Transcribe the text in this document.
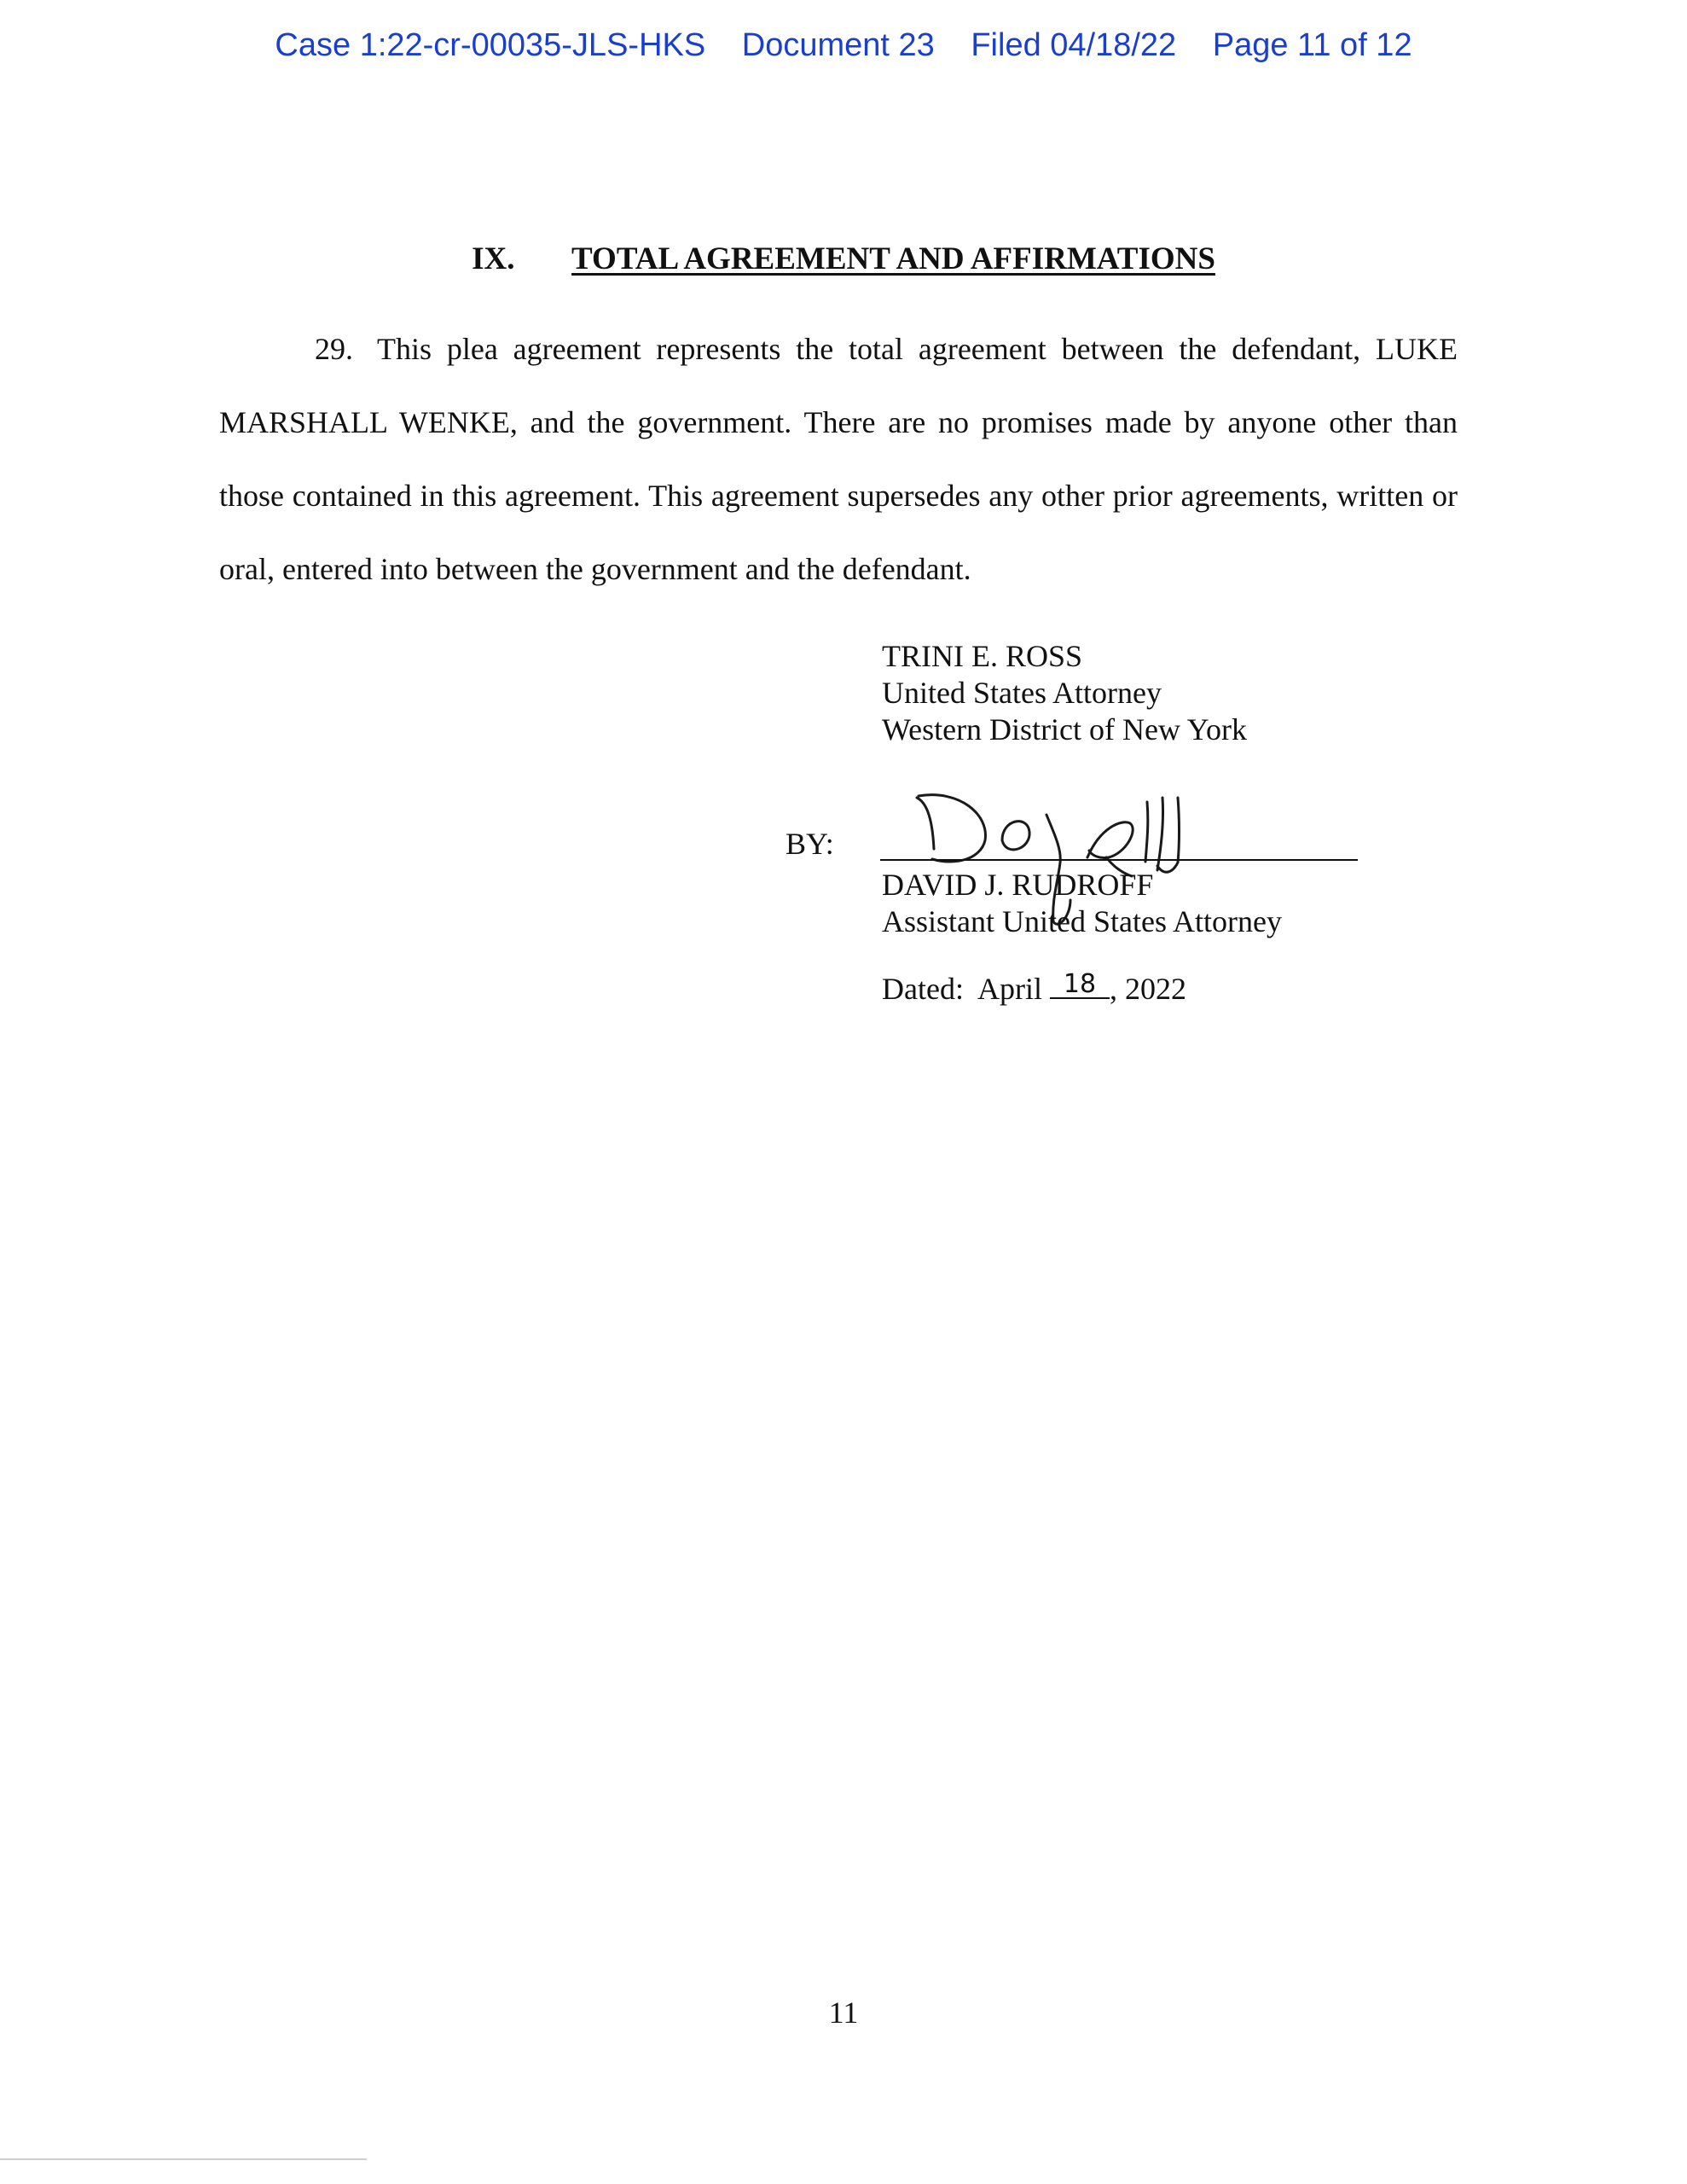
Case 1:22-cr-00035-JLS-HKS Document 23 Filed 04/18/22 Page 11 of 12
IX. TOTAL AGREEMENT AND AFFIRMATIONS

29. This plea agreement represents the total agreement between the defendant, LUKE MARSHALL WENKE, and the government. There are no promises made by anyone other than those contained in this agreement. This agreement supersedes any other prior agreements, written or oral, entered into between the government and the defendant.

TRINI E. ROSS
United States Attorney
Western District of New York
BY:
DAVID J. RUDROFF
Assistant United States Attorney
Dated: April 18 , 2022
11
